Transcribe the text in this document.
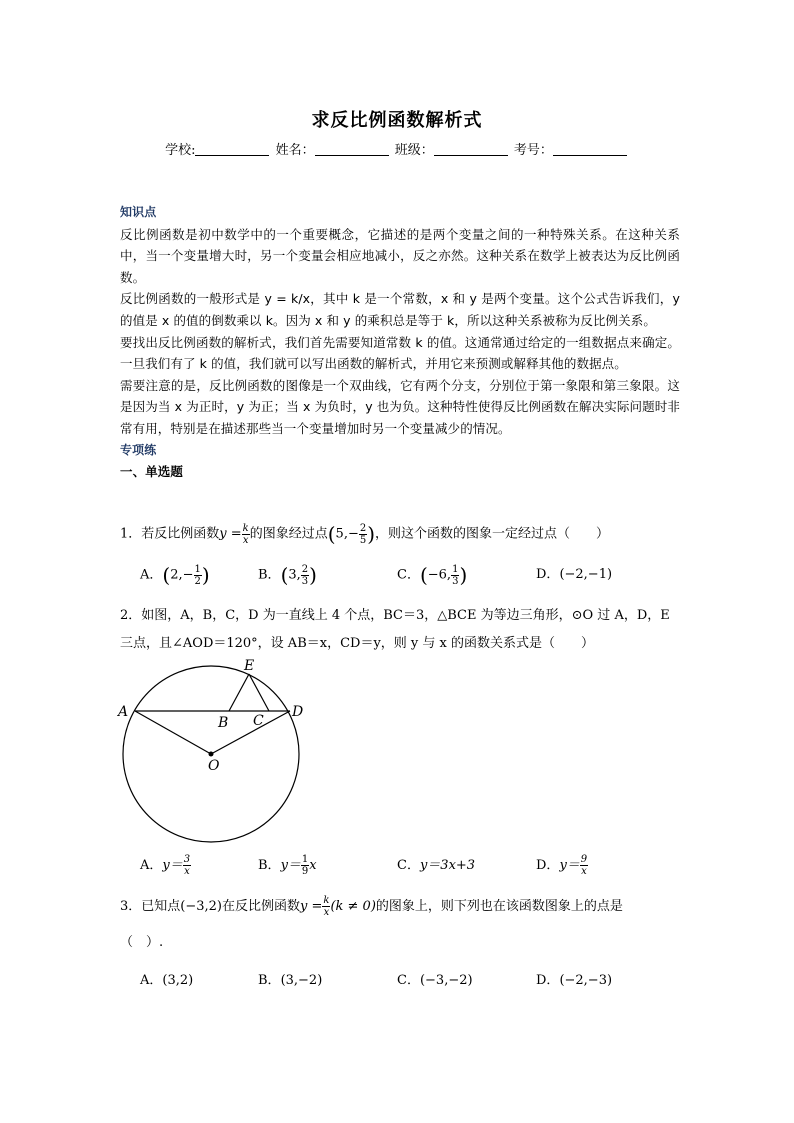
求反比例函数解析式
学校:	姓名：	班级：	考号：
知识点

反比例函数是初中数学中的一个重要概念，它描述的是两个变量之间的一种特殊关系。在这种关系中，当一个变量增大时，另一个变量会相应地减小，反之亦然。这种关系在数学上被表达为反比例函数。

反比例函数的一般形式是 y = k/x，其中 k 是一个常数，x 和 y 是两个变量。这个公式告诉我们，y 的值是 x 的值的倒数乘以 k。因为 x 和 y 的乘积总是等于 k，所以这种关系被称为反比例关系。

要找出反比例函数的解析式，我们首先需要知道常数 k 的值。这通常通过给定的一组数据点来确定。一旦我们有了 k 的值，我们就可以写出函数的解析式，并用它来预测或解释其他的数据点。

需要注意的是，反比例函数的图像是一个双曲线，它有两个分支，分别位于第一象限和第三象限。这是因为当 x 为正时，y 为正；当 x 为负时，y 也为负。这种特性使得反比例函数在解决实际问题时非常有用，特别是在描述那些当一个变量增加时另一个变量减少的情况。

专项练
一、单选题
1．若反比例函数$y = \frac{k}{x}$ 的图象经过点($5,- \frac{2}{5}$ )，则这个函数的图象一定经过点（　　）
A．($2,- \frac{1}{2}$ )	B．(3, $\frac{2}{3}$ )	C．(−6, $\frac{1}{3}$ )	D．(−2,−1)
2．如图，A，B，C，D 为一直线上 4 个点，BC＝3，△BCE 为等边三角形，⊙O 过 A，D，E
三点，且∠AOD＝120°，设 AB＝x，CD＝y，则 y 与 x 的函数关系式是（　　）
E
A
B C
D
O
A．$y= \frac{3}{x}$	B．$y= \frac{1}{9}$ x	C．y＝3x+3	D．$y= \frac{9}{x}$
3．已知点(−3,2)在反比例函数$y = \frac{k}{x} (k \ne 0)$的图象上，则下列也在该函数图象上的点是
（　）.
A．(3,2)	B．(3,−2)	C．(−3,−2)	D．(−2,−3)
